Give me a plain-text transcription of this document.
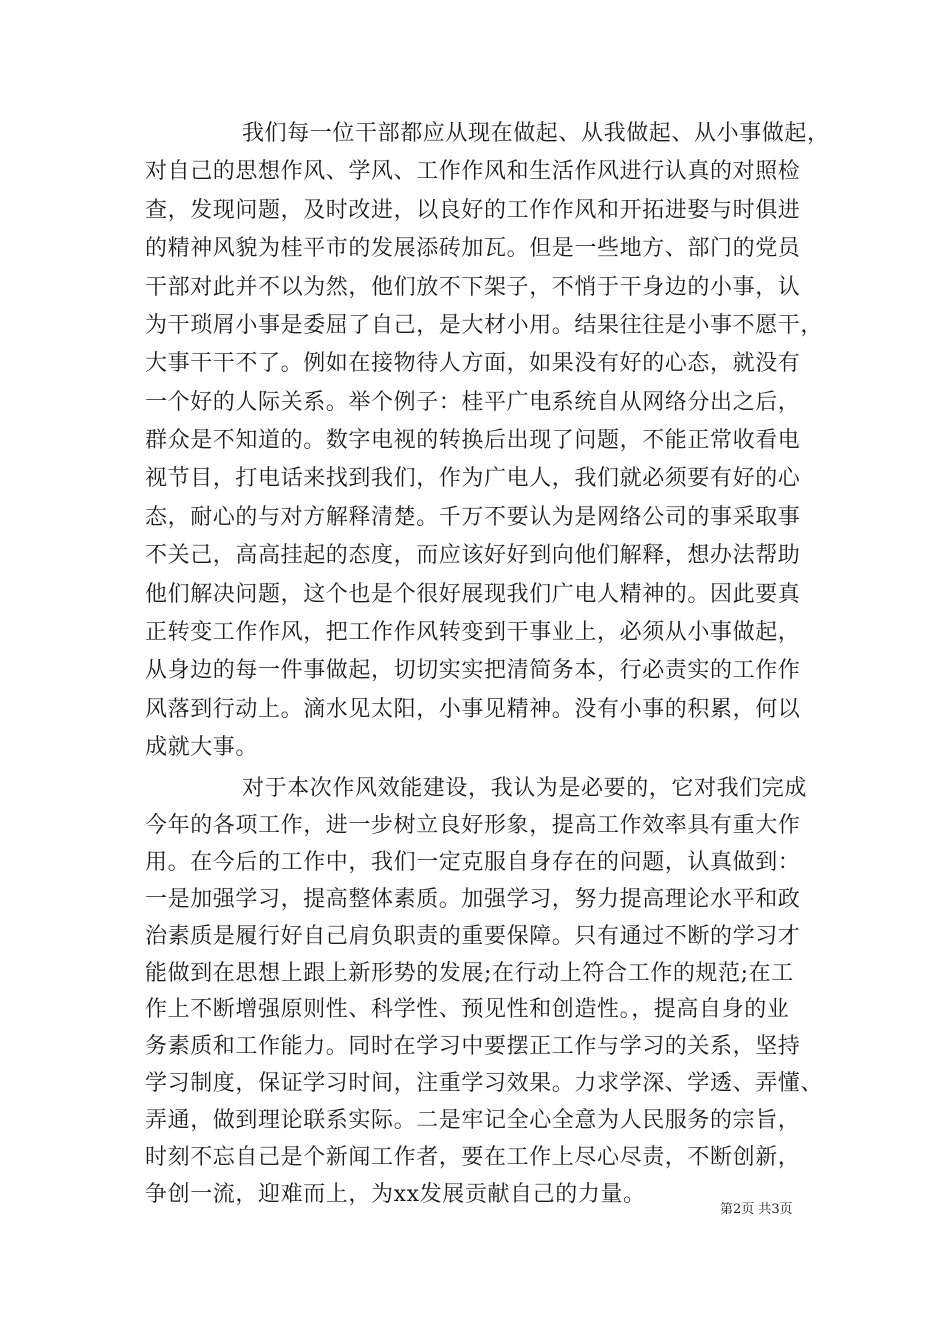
我们每一位干部都应从现在做起、从我做起、从小事做起，
对自己的思想作风、学风、工作作风和生活作风进行认真的对照检
查，发现问题，及时改进，以良好的工作作风和开拓进娶与时俱进
的精神风貌为桂平市的发展添砖加瓦。但是一些地方、部门的党员
干部对此并不以为然，他们放不下架子，不悄于干身边的小事，认
为干琐屑小事是委屈了自己，是大材小用。结果往往是小事不愿干，
大事干干不了。例如在接物待人方面，如果没有好的心态，就没有
一个好的人际关系。举个例子：桂平广电系统自从网络分出之后，
群众是不知道的。数字电视的转换后出现了问题，不能正常收看电
视节目，打电话来找到我们，作为广电人，我们就必须要有好的心
态，耐心的与对方解释清楚。千万不要认为是网络公司的事采取事
不关己，高高挂起的态度，而应该好好到向他们解释，想办法帮助
他们解决问题，这个也是个很好展现我们广电人精神的。因此要真
正转变工作作风，把工作作风转变到干事业上，必须从小事做起，
从身边的每一件事做起，切切实实把清简务本，行必责实的工作作
风落到行动上。滴水见太阳，小事见精神。没有小事的积累，何以
成就大事。
对于本次作风效能建设，我认为是必要的，它对我们完成
今年的各项工作，进一步树立良好形象，提高工作效率具有重大作
用。在今后的工作中，我们一定克服自身存在的问题，认真做到：
一是加强学习，提高整体素质。加强学习，努力提高理论水平和政
治素质是履行好自己肩负职责的重要保障。只有通过不断的学习才
能做到在思想上跟上新形势的发展;在行动上符合工作的规范;在工
作上不断增强原则性、科学性、预见性和创造性。，提高自身的业
务素质和工作能力。同时在学习中要摆正工作与学习的关系，坚持
学习制度，保证学习时间，注重学习效果。力求学深、学透、弄懂、
弄通，做到理论联系实际。二是牢记全心全意为人民服务的宗旨，
时刻不忘自己是个新闻工作者，要在工作上尽心尽责，不断创新，
争创一流，迎难而上，为xx发展贡献自己的力量。
第2页 共3页
